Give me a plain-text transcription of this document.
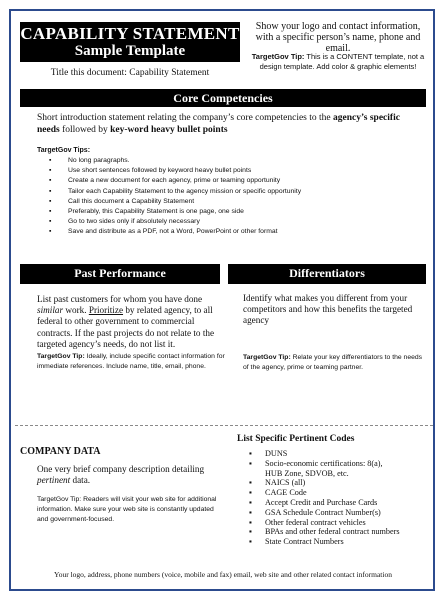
CAPABILITY STATEMENT
Sample Template
Title this document: Capability Statement
Show your logo and contact information, with a specific person’s name, phone and email.
TargetGov Tip: This is a CONTENT template, not a design template. Add color & graphic elements!
Core Competencies
Short introduction statement relating the company’s core competencies to the agency’s specific needs followed by key-word heavy bullet points
TargetGov Tips:
▪ No long paragraphs.
▪ Use short sentences followed by keyword heavy bullet points
▪ Create a new document for each agency, prime or teaming opportunity
▪ Tailor each Capability Statement to the agency mission or specific opportunity
▪ Call this document a Capability Statement
▪ Preferably, this Capability Statement is one page, one side
▪ Go to two sides only if absolutely necessary
▪ Save and distribute as a PDF, not a Word, PowerPoint or other format
Past Performance	Differentiators
List past customers for whom you have done similar work. Prioritize by related agency, to all federal to other government to commercial contracts. If the past projects do not relate to the targeted agency’s needs, do not list it.
TargetGov Tip: Ideally, include specific contact information for immediate references. Include name, title, email, phone.
Identify what makes you different from your competitors and how this benefits the targeted agency
TargetGov Tip: Relate your key differentiators to the needs of the agency, prime or teaming partner.
COMPANY DATA
One very brief company description detailing pertinent data.
TargetGov Tip: Readers will visit your web site for additional information. Make sure your web site is constantly updated and government-focused.
List Specific Pertinent Codes
▪ DUNS
▪ Socio-economic certifications: 8(a),
HUB Zone, SDVOB, etc.
▪ NAICS (all)
▪ CAGE Code
▪ Accept Credit and Purchase Cards
▪ GSA Schedule Contract Number(s)
▪ Other federal contract vehicles
▪ BPAs and other federal contract numbers
▪ State Contract Numbers
Your logo, address, phone numbers (voice, mobile and fax) email, web site and other related contact information
